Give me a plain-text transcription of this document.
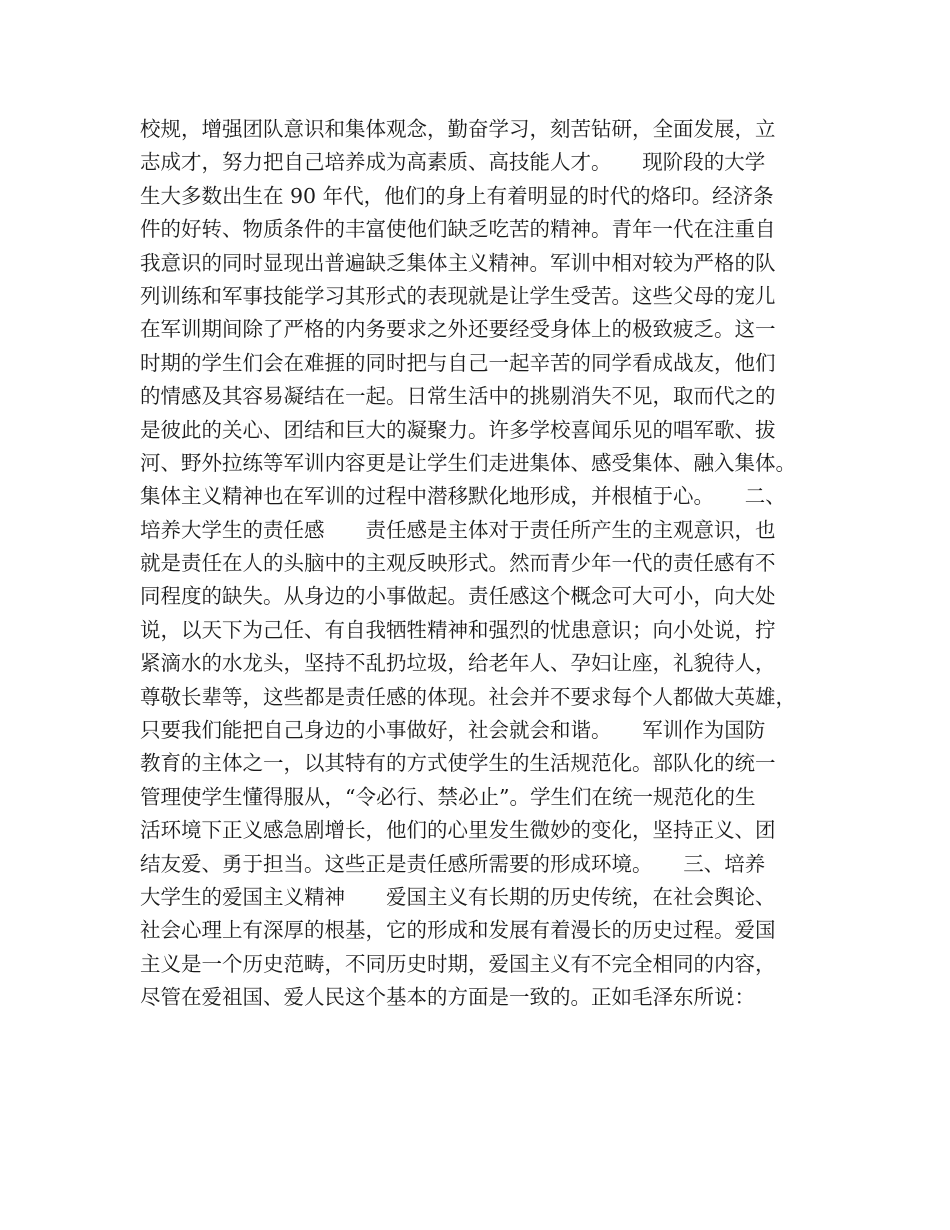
校规，增强团队意识和集体观念，勤奋学习，刻苦钻研，全面发展，立
志成才，努力把自己培养成为高素质、高技能人才。　　现阶段的大学
生大多数出生在 90 年代，他们的身上有着明显的时代的烙印。经济条
件的好转、物质条件的丰富使他们缺乏吃苦的精神。青年一代在注重自
我意识的同时显现出普遍缺乏集体主义精神。军训中相对较为严格的队
列训练和军事技能学习其形式的表现就是让学生受苦。这些父母的宠儿
在军训期间除了严格的内务要求之外还要经受身体上的极致疲乏。这一
时期的学生们会在难捱的同时把与自己一起辛苦的同学看成战友，他们
的情感及其容易凝结在一起。日常生活中的挑剔消失不见，取而代之的
是彼此的关心、团结和巨大的凝聚力。许多学校喜闻乐见的唱军歌、拔
河、野外拉练等军训内容更是让学生们走进集体、感受集体、融入集体。
集体主义精神也在军训的过程中潜移默化地形成，并根植于心。　　二、
培养大学生的责任感　　责任感是主体对于责任所产生的主观意识，也
就是责任在人的头脑中的主观反映形式。然而青少年一代的责任感有不
同程度的缺失。从身边的小事做起。责任感这个概念可大可小，向大处
说，以天下为己任、有自我牺牲精神和强烈的忧患意识；向小处说，拧
紧滴水的水龙头，坚持不乱扔垃圾，给老年人、孕妇让座，礼貌待人，
尊敬长辈等，这些都是责任感的体现。社会并不要求每个人都做大英雄，
只要我们能把自己身边的小事做好，社会就会和谐。　　军训作为国防
教育的主体之一，以其特有的方式使学生的生活规范化。部队化的统一
管理使学生懂得服从，“令必行、禁必止”。学生们在统一规范化的生
活环境下正义感急剧增长，他们的心里发生微妙的变化，坚持正义、团
结友爱、勇于担当。这些正是责任感所需要的形成环境。　　三、培养
大学生的爱国主义精神　　爱国主义有长期的历史传统，在社会舆论、
社会心理上有深厚的根基，它的形成和发展有着漫长的历史过程。爱国
主义是一个历史范畴，不同历史时期，爱国主义有不完全相同的内容，
尽管在爱祖国、爱人民这个基本的方面是一致的。正如毛泽东所说：
